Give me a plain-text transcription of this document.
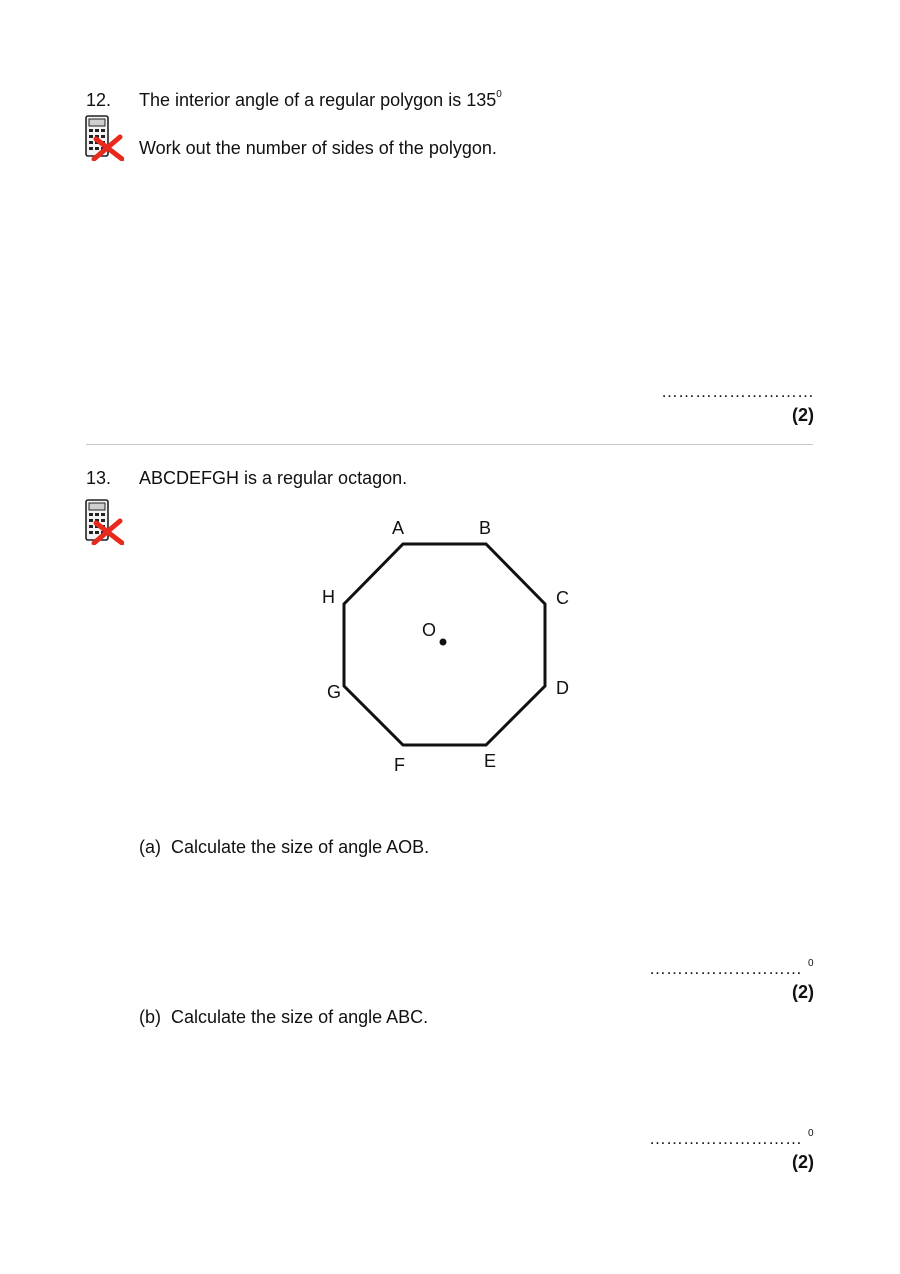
12. The interior angle of a regular polygon is $135^0$
Work out the number of sides of the polygon.
………………………
(2)
13. ABCDEFGH is a regular octagon.
A	B
C
D
E
F
G
H
O
(a) Calculate the size of angle AOB.
……………………… 0
(2)
(b) Calculate the size of angle ABC.
……………………… 0
(2)
